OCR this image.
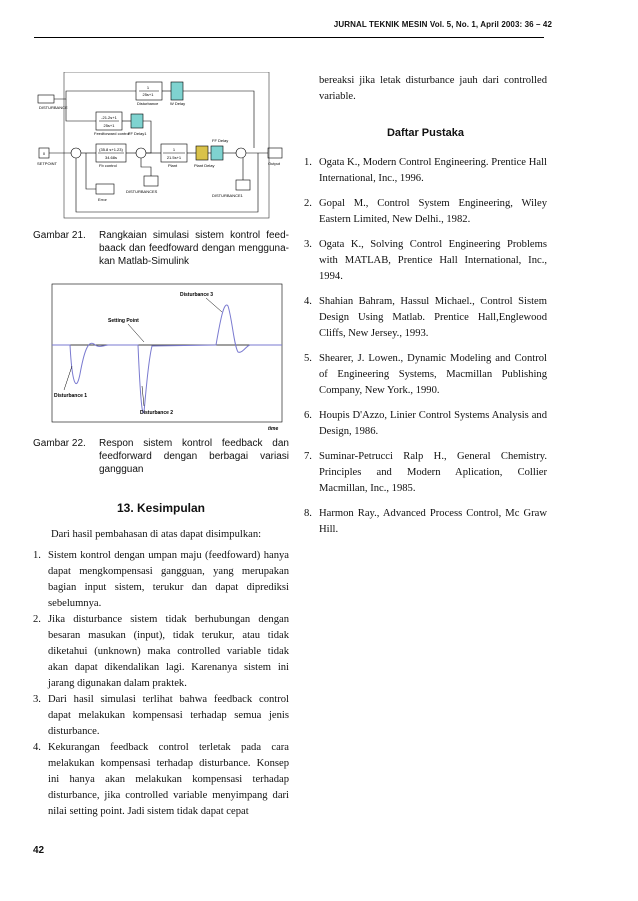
JURNAL TEKNIK MESIN Vol. 5, No. 1, April 2003: 36 – 42
DISTURBANCE
1
25s+1
Disturbance	W Delay
-21.2s+1
25s+1
Feedforward control
FF Delay1
0
SETPOINT
(35.8 s+1.23)
34.68s
Fb control
1
21.5s+1
Plant	Plant Delay
FF Delay
Output
Error
DISTURBANCES
DISTURBANCE1
Gambar 21.	Rangkaian simulasi sistem kontrol feed-baack dan feedfoward dengan mengguna-kan Matlab-Simulink
Disturbance 3
Setting Point
Disturbance 1
Disturbance 2
time
Gambar 22.	Respon sistem kontrol feedback dan feedforward dengan berbagai variasi gangguan
13. Kesimpulan

Dari hasil pembahasan di atas dapat disimpulkan:

1. Sistem kontrol dengan umpan maju (feedfoward) hanya dapat mengkompensasi gangguan, yang merupakan bagian input sistem, terukur dan dapat diprediksi sebelumnya.
2. Jika disturbance sistem tidak berhubungan dengan besaran masukan (input), tidak terukur, atau tidak diketahui (unknown) maka controlled variable tidak akan dapat dikendalikan lagi. Karenanya sistem ini jarang digunakan dalam praktek.
3. Dari hasil simulasi terlihat bahwa feedback control dapat melakukan kompensasi terhadap semua jenis disturbance.
4. Kekurangan feedback control terletak pada cara melakukan kompensasi terhadap disturbance. Konsep ini hanya akan melakukan kompensasi terhadap disturbance, jika controlled variable menyimpang dari nilai setting point. Jadi sistem tidak dapat cepat

bereaksi jika letak disturbance jauh dari controlled variable.

Daftar Pustaka
1. Ogata K., Modern Control Engineering. Prentice Hall International, Inc., 1996.
2. Gopal M., Control System Engineering, Wiley Eastern Limited, New Delhi., 1982.
3. Ogata K., Solving Control Engineering Problems with MATLAB, Prentice Hall International, Inc., 1994.
4. Shahian Bahram, Hassul Michael., Control Sistem Design Using Matlab. Prentice Hall,Englewood Cliffs, New Jersey., 1993.
5. Shearer, J. Lowen., Dynamic Modeling and Control of Engineering Systems, Macmillan Publishing Company, New York., 1990.
6. Houpis D'Azzo, Linier Control Systems Analysis and Design, 1986.
7. Suminar-Petrucci Ralp H., General Chemistry. Principles and Modern Aplication, Collier Macmillan, Inc., 1985.
8. Harmon Ray., Advanced Process Control, Mc Graw Hill.
42
